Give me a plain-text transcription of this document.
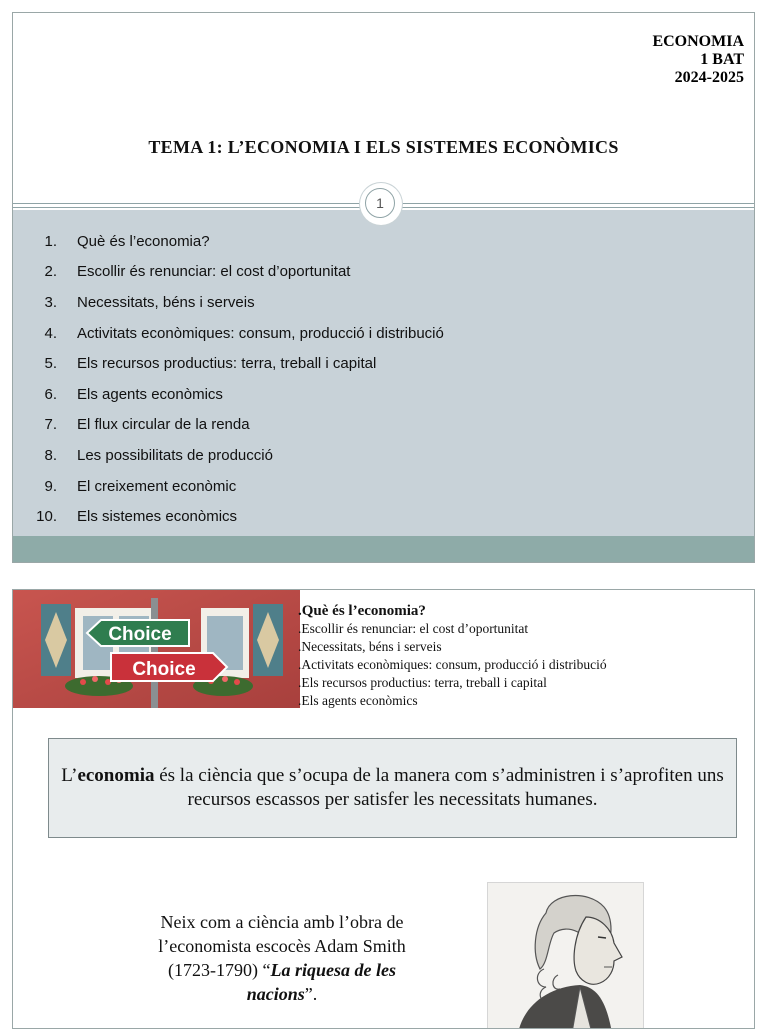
ECONOMIA
1 BAT
2024-2025
TEMA 1: L’ECONOMIA I ELS SISTEMES ECONÒMICS
1
1. Què és l’economia?
2. Escollir és renunciar: el cost d’oportunitat
3. Necessitats, béns i serveis
4. Activitats econòmiques: consum, producció i distribució
5. Els recursos productius: terra, treball i capital
6. Els agents econòmics
7. El flux circular de la renda
8. Les possibilitats de producció
9. El creixement econòmic
10. Els sistemes econòmics
Choice
Choice
.Què és l’economia?
.Escollir és renunciar: el cost d’oportunitat
.Necessitats, béns i serveis
.Activitats econòmiques: consum, producció i distribució
.Els recursos productius: terra, treball i capital
.Els agents econòmics
L’economia és la ciència que s’ocupa de la manera com s’administren i s’aprofiten uns recursos escassos per satisfer les necessitats humanes.
Neix com a ciència amb l’obra de l’economista escocès Adam Smith (1723-1790) “La riquesa de les nacions”.
